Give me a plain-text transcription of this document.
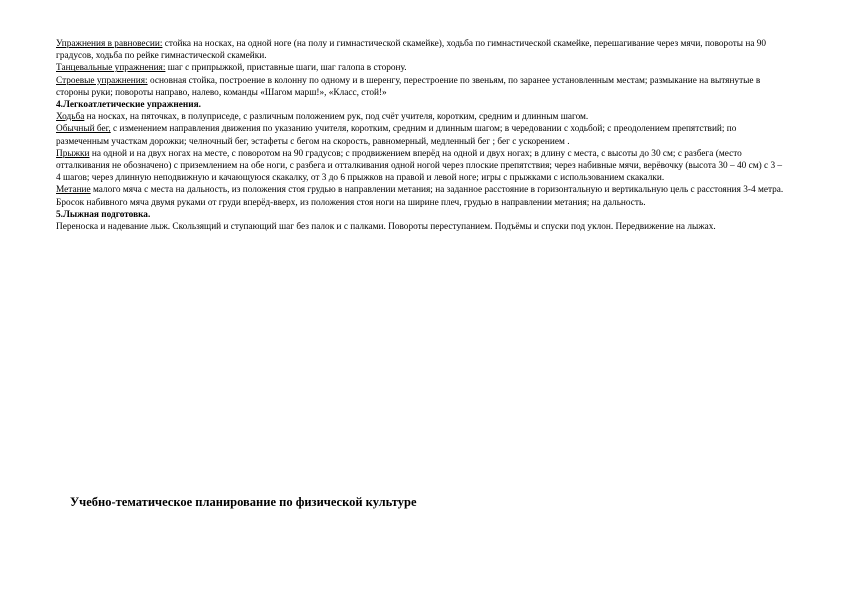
Упражнения в равновесии: стойка на носках, на одной ноге (на полу и гимнастической скамейке), ходьба по гимнастической скамейке, перешагивание через мячи, повороты на 90 градусов, ходьба по рейке гимнастической скамейки.

Танцевальные упражнения: шаг с припрыжкой, приставные шаги, шаг галопа в сторону.

Строевые упражнения: основная стойка, построение в колонну по одному и в шеренгу, перестроение по звеньям, по заранее установленным местам; размыкание на вытянутые в стороны руки; повороты направо, налево, команды «Шагом марш!», «Класс, стой!»

4.Легкоатлетические упражнения.

Ходьба на носках, на пяточках, в полуприседе, с различным положением рук, под счёт учителя, коротким, средним и длинным шагом.

Обычный бег, с изменением направления движения по указанию учителя, коротким, средним и длинным шагом; в чередовании с ходьбой; с преодолением препятствий; по размеченным участкам дорожки; челночный бег, эстафеты с бегом на скорость, равномерный, медленный бег ; бег с ускорением .

Прыжки на одной и на двух ногах на месте, с поворотом на 90 градусов; с продвижением вперёд на одной и двух ногах; в длину с места, с высоты до 30 см; с разбега (место отталкивания не обозначено) с приземлением на обе ноги, с разбега и отталкивания одной ногой через плоские препятствия; через набивные мячи, верёвочку (высота 30 – 40 см) с 3 – 4 шагов; через длинную неподвижную и качающуюся скакалку, от 3 до 6 прыжков на правой и левой ноге; игры с прыжками с использованием скакалки.

Метание малого мяча с места на дальность, из положения стоя грудью в направлении метания; на заданное расстояние в горизонтальную и вертикальную цель с расстояния 3-4 метра. Бросок набивного мяча двумя руками от груди вперёд-вверх, из положения стоя ноги на ширине плеч, грудью в направлении метания; на дальность.

5.Лыжная подготовка.

Переноска и надевание лыж. Скользящий и ступающий шаг без палок и с палками. Повороты переступанием. Подъёмы и спуски под уклон. Передвижение на лыжах.

Учебно-тематическое планирование по физической культуре
